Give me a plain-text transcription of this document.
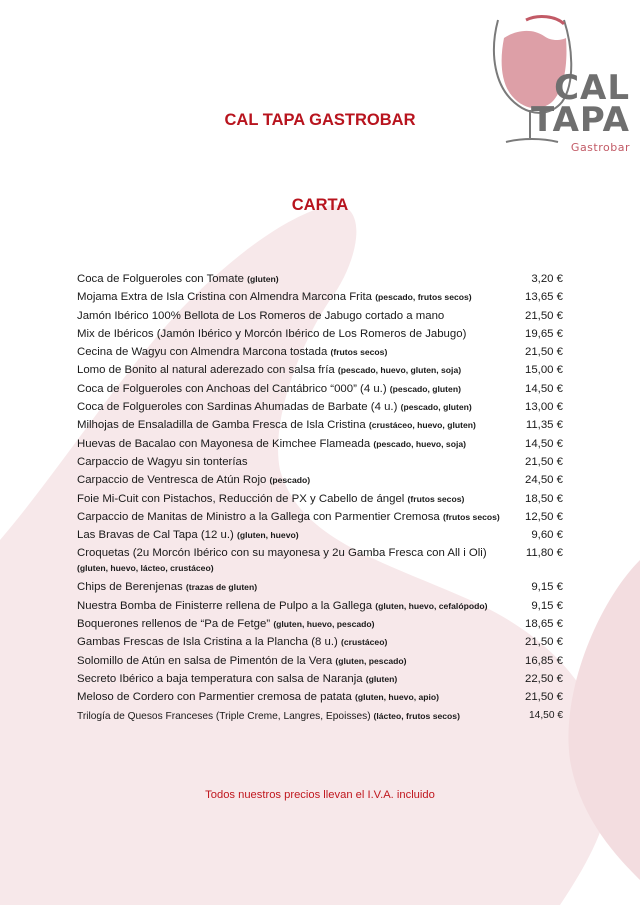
CAL
TAPA
Gastrobar
CAL TAPA GASTROBAR
CARTA
Coca de Folgueroles con Tomate (gluten)	3,20 €
Mojama Extra de Isla Cristina con Almendra Marcona Frita (pescado, frutos secos)	13,65 €
Jamón Ibérico 100% Bellota de Los Romeros de Jabugo cortado a mano	21,50 €
Mix de Ibéricos (Jamón Ibérico y Morcón Ibérico de Los Romeros de Jabugo)	19,65 €
Cecina de Wagyu con Almendra Marcona tostada (frutos secos)	21,50 €
Lomo de Bonito al natural aderezado con salsa fría (pescado, huevo, gluten, soja)	15,00 €
Coca de Folgueroles con Anchoas del Cantábrico “000” (4 u.) (pescado, gluten)	14,50 €
Coca de Folgueroles con Sardinas Ahumadas de Barbate (4 u.) (pescado, gluten)	13,00 €
Milhojas de Ensaladilla de Gamba Fresca de Isla Cristina (crustáceo, huevo, gluten)	11,35 €
Huevas de Bacalao con Mayonesa de Kimchee Flameada (pescado, huevo, soja)	14,50 €
Carpaccio de Wagyu sin tonterías	21,50 €
Carpaccio de Ventresca de Atún Rojo (pescado)	24,50 €
Foie Mi-Cuit con Pistachos, Reducción de PX y Cabello de ángel (frutos secos)	18,50 €
Carpaccio de Manitas de Ministro a la Gallega con Parmentier Cremosa (frutos secos) 12,50 €
Las Bravas de Cal Tapa (12 u.) (gluten, huevo)	9,60 €
Croquetas (2u Morcón Ibérico con su mayonesa y 2u Gamba Fresca con All i Oli)	11,80 €
(gluten, huevo, lácteo, crustáceo)
Chips de Berenjenas (trazas de gluten)	9,15 €
Nuestra Bomba de Finisterre rellena de Pulpo a la Gallega (gluten, huevo, cefalópodo)	9,15 €
Boquerones rellenos de “Pa de Fetge” (gluten, huevo, pescado)	18,65 €
Gambas Frescas de Isla Cristina a la Plancha (8 u.) (crustáceo)	21,50 €
Solomillo de Atún en salsa de Pimentón de la Vera (gluten, pescado)	16,85 €
Secreto Ibérico a baja temperatura con salsa de Naranja (gluten)	22,50 €
Meloso de Cordero con Parmentier cremosa de patata (gluten, huevo, apio)	21,50 €
Trilogía de Quesos Franceses (Triple Creme, Langres, Epoisses) (lácteo, frutos secos)	14,50 €
Todos nuestros precios llevan el I.V.A. incluido
